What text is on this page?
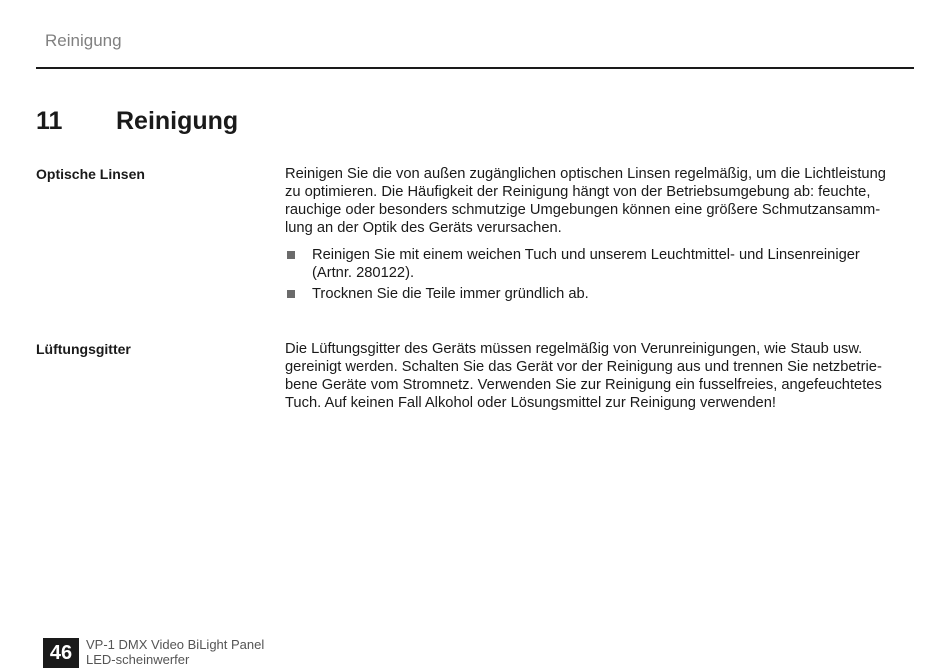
Reinigung
11 Reinigung
Optische Linsen	Reinigen Sie die von außen zugänglichen optischen Linsen regelmäßig, um die Lichtleistung
zu optimieren. Die Häufigkeit der Reinigung hängt von der Betriebsumgebung ab: feuchte,
rauchige oder besonders schmutzige Umgebungen können eine größere Schmutzansamm-
lung an der Optik des Geräts verursachen.

Reinigen Sie mit einem weichen Tuch und unserem Leuchtmittel- und Linsenreiniger
(Artnr. 280122).
Trocknen Sie die Teile immer gründlich ab.
Lüftungsgitter	Die Lüftungsgitter des Geräts müssen regelmäßig von Verunreinigungen, wie Staub usw.
gereinigt werden. Schalten Sie das Gerät vor der Reinigung aus und trennen Sie netzbetrie-
bene Geräte vom Stromnetz. Verwenden Sie zur Reinigung ein fusselfreies, angefeuchtetes
Tuch. Auf keinen Fall Alkohol oder Lösungsmittel zur Reinigung verwenden!

46	VP-1 DMX Video BiLight Panel
LED-scheinwerfer
